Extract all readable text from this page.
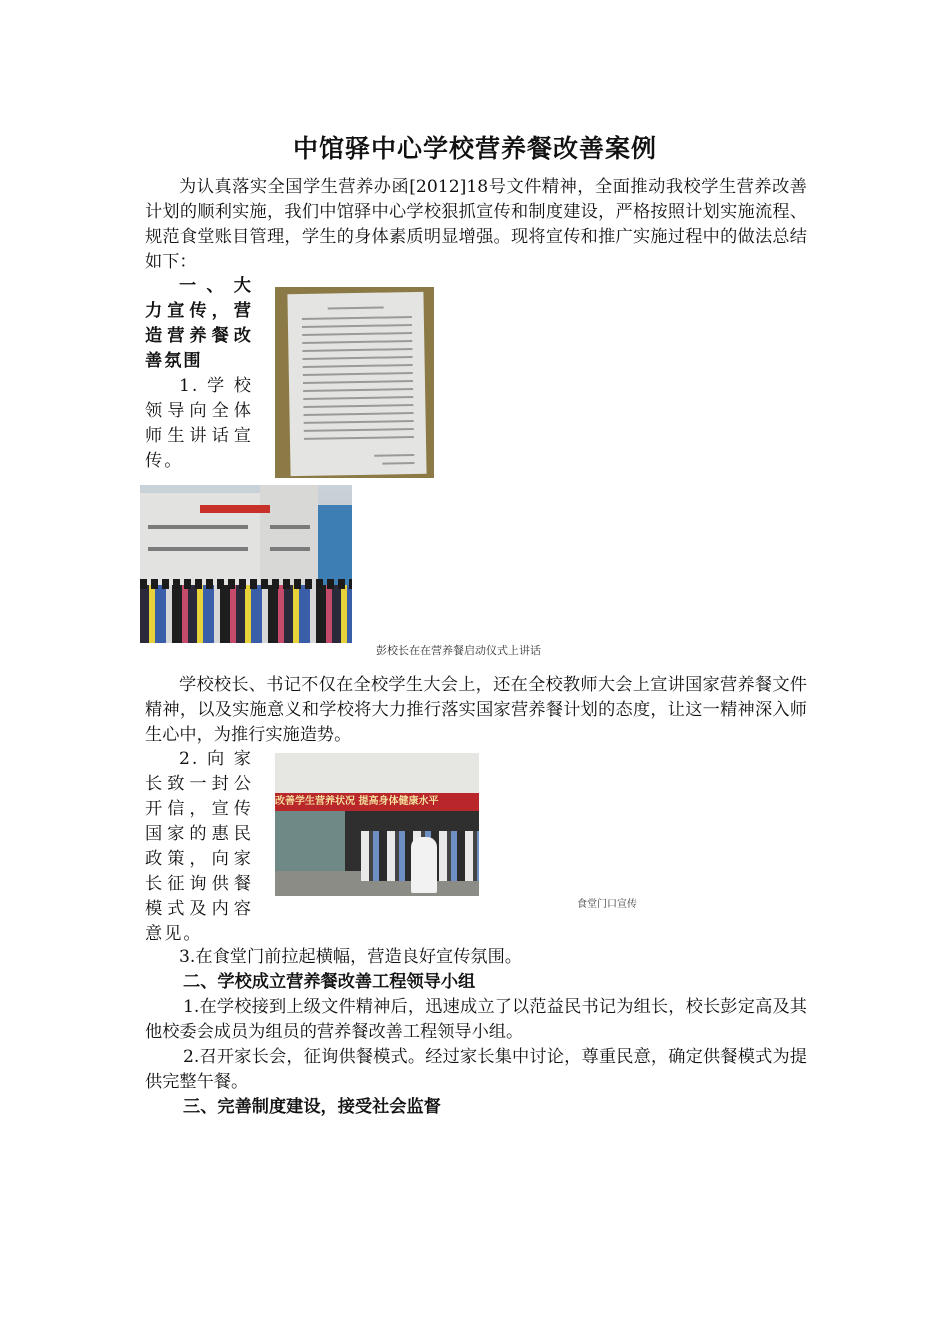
中馆驿中心学校营养餐改善案例
为认真落实全国学生营养办函[2012]18号文件精神，全面推动我校学生营养改善计划的顺利实施，我们中馆驿中心学校狠抓宣传和制度建设，严格按照计划实施流程、规范食堂账目管理，学生的身体素质明显增强。现将宣传和推广实施过程中的做法总结如下：
一、大
力宣传，营
造营养餐改
善氛围
1.学校
领导向全体
师生讲话宣
传。
彭校长在在营养餐启动仪式上讲话
学校校长、书记不仅在全校学生大会上，还在全校教师大会上宣讲国家营养餐文件精神，以及实施意义和学校将大力推行落实国家营养餐计划的态度，让这一精神深入师生心中，为推行实施造势。
2.向家
长致一封公
开信，宣传
国家的惠民
政策，向家
长征询供餐
模式及内容
意见。
改善学生营养状况 提高身体健康水平
食堂门口宣传
3.在食堂门前拉起横幅，营造良好宣传氛围。
二、学校成立营养餐改善工程领导小组
1.在学校接到上级文件精神后，迅速成立了以范益民书记为组长，校长彭定高及其他校委会成员为组员的营养餐改善工程领导小组。
2.召开家长会，征询供餐模式。经过家长集中讨论，尊重民意，确定供餐模式为提供完整午餐。
三、完善制度建设，接受社会监督
